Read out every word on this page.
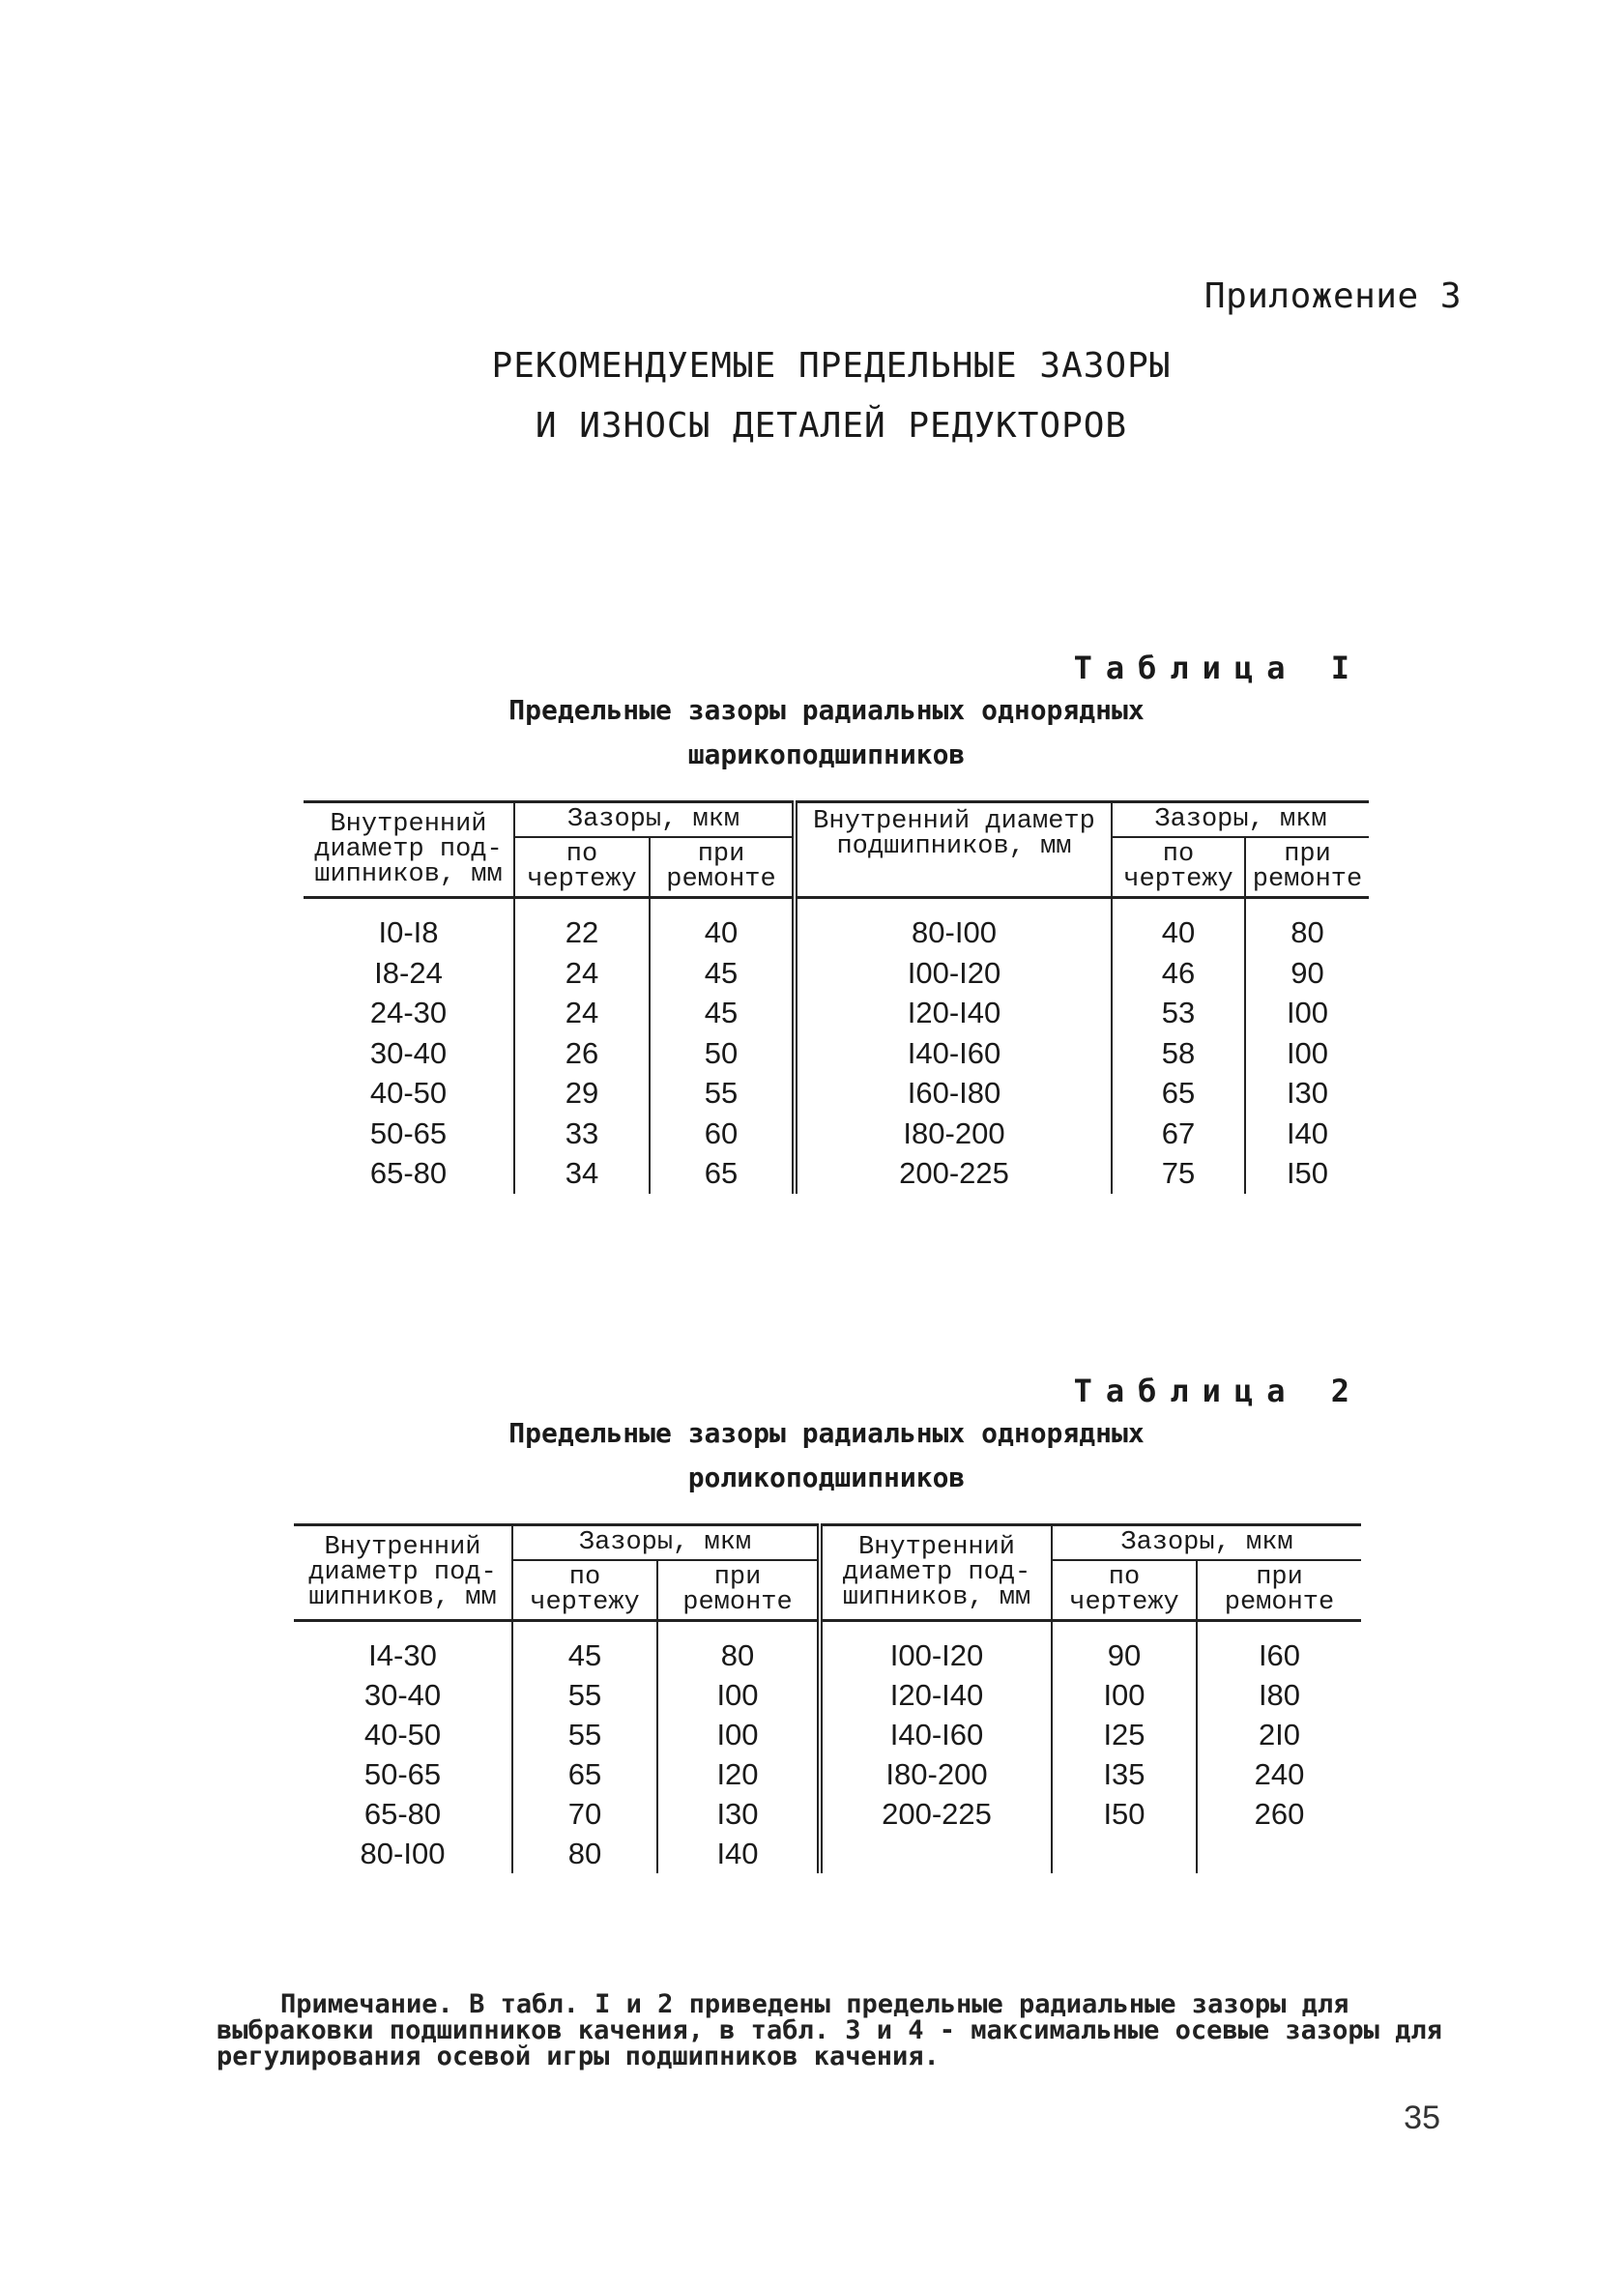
Приложение 3
РЕКОМЕНДУЕМЫЕ ПРЕДЕЛЬНЫЕ ЗАЗОРЫ
И ИЗНОСЫ ДЕТАЛЕЙ РЕДУКТОРОВ
Таблица I
Предельные зазоры радиальных однорядных
шарикоподшипников
Внутренний диаметр под-шипников, мм	Зазоры, мкм		Внутренний диаметр подшипников, мм	Зазоры, мкм	
	по чертежу	при ремонте		по чертежу	при ремонте

I0-I8	22	40	80-I00	40	80
I8-24	24	45	I00-I20	46	90
24-30	24	45	I20-I40	53	I00
30-40	26	50	I40-I60	58	I00
40-50	29	55	I60-I80	65	I30
50-65	33	60	I80-200	67	I40
65-80	34	65	200-225	75	I50
Таблица 2
Предельные зазоры радиальных однорядных
роликоподшипников
Внутренний диаметр под-шипников, мм	Зазоры, мкм		Внутренний диаметр под-шипников, мм	Зазоры, мкм	
	по чертежу	при ремонте		по чертежу	при ремонте

I4-30	45	80	I00-I20	90	I60
30-40	55	I00	I20-I40	I00	I80
40-50	55	I00	I40-I60	I25	2I0
50-65	65	I20	I80-200	I35	240
65-80	70	I30	200-225	I50	260
80-I00	80	I40			
Примечание. В табл. I и 2 приведены предельные радиальные зазоры для выбраковки подшипников качения, в табл. 3 и 4 - максимальные осевые зазоры для регулирования осевой игры подшипников качения.
35
